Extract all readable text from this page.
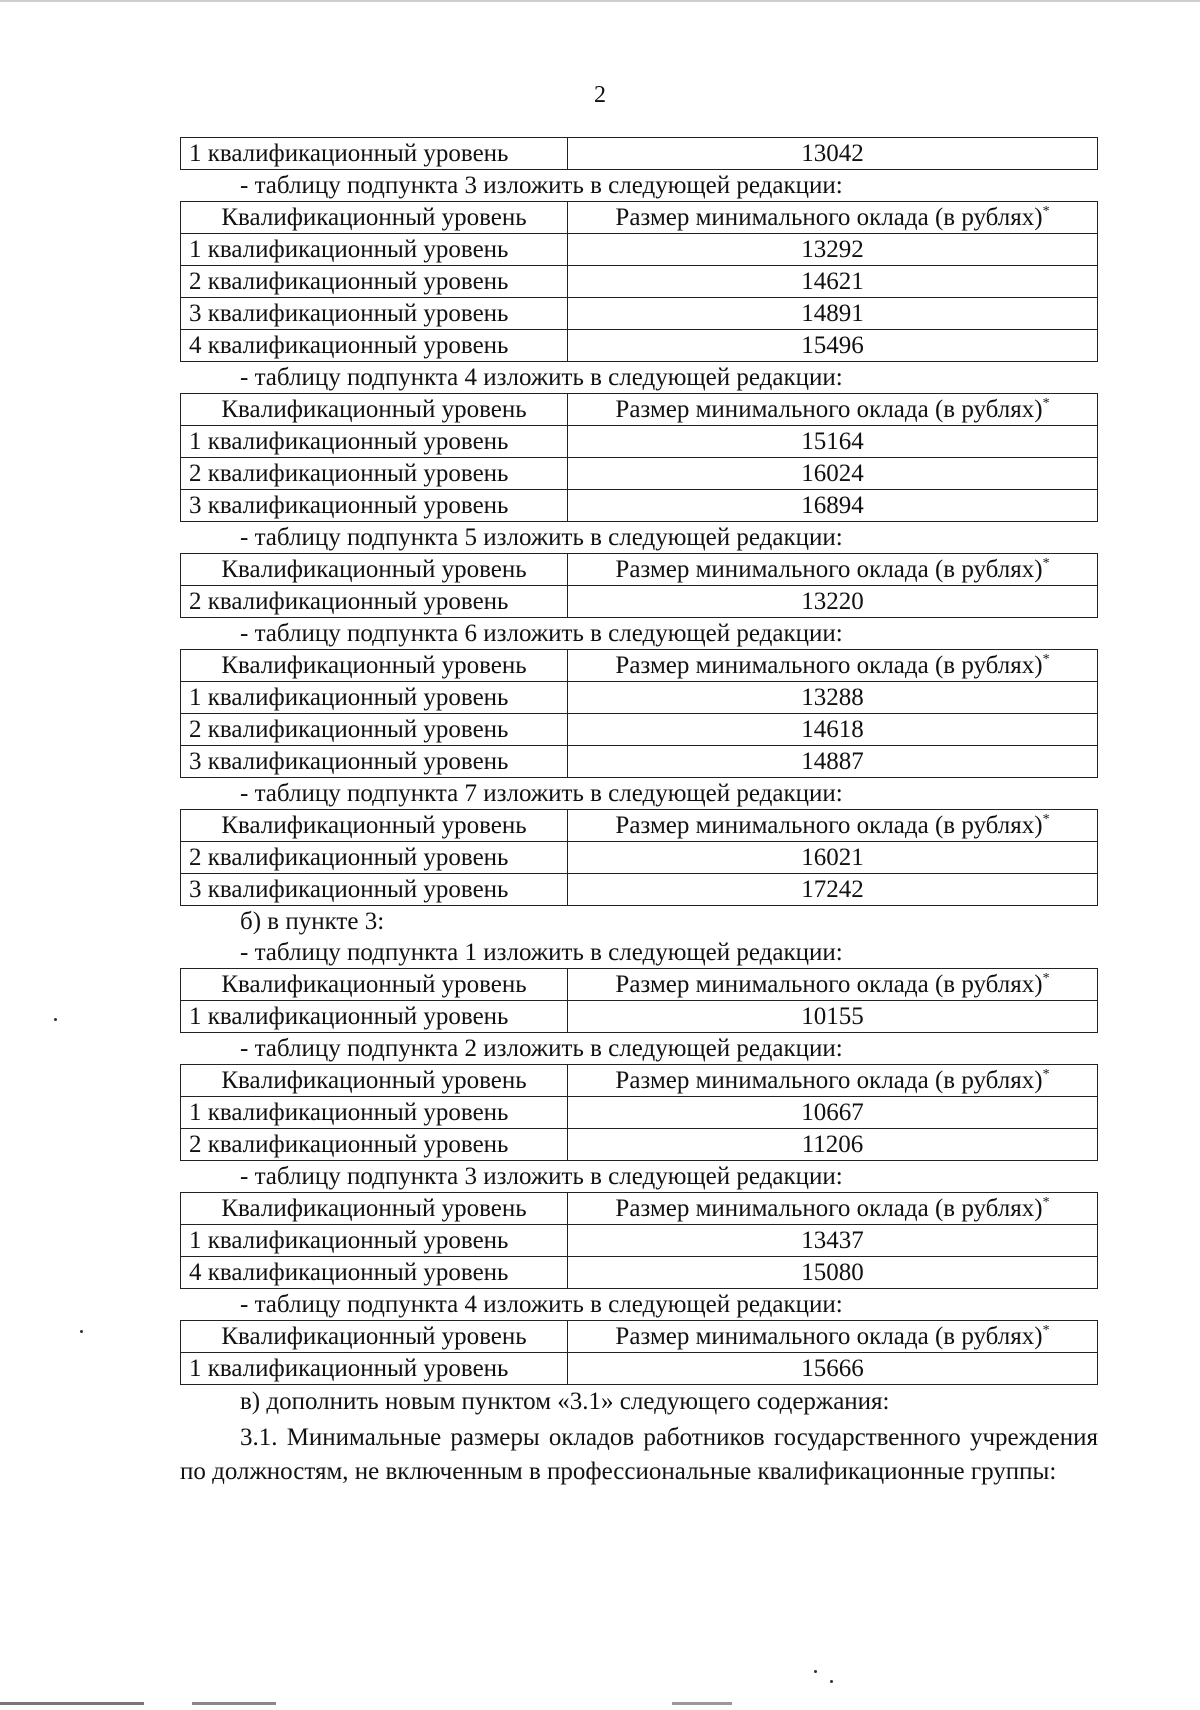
2
1 квалификационный уровень	13042
- таблицу подпункта 3 изложить в следующей редакции:
Квалификационный уровень	Размер минимального оклада (в рублях)*
1 квалификационный уровень	13292
2 квалификационный уровень	14621
3 квалификационный уровень	14891
4 квалификационный уровень	15496
- таблицу подпункта 4 изложить в следующей редакции:
Квалификационный уровень	Размер минимального оклада (в рублях)*
1 квалификационный уровень	15164
2 квалификационный уровень	16024
3 квалификационный уровень	16894
- таблицу подпункта 5 изложить в следующей редакции:
Квалификационный уровень	Размер минимального оклада (в рублях)*
2 квалификационный уровень	13220
- таблицу подпункта 6 изложить в следующей редакции:
Квалификационный уровень	Размер минимального оклада (в рублях)*
1 квалификационный уровень	13288
2 квалификационный уровень	14618
3 квалификационный уровень	14887
- таблицу подпункта 7 изложить в следующей редакции:
Квалификационный уровень	Размер минимального оклада (в рублях)*
2 квалификационный уровень	16021
3 квалификационный уровень	17242
б) в пункте 3:
- таблицу подпункта 1 изложить в следующей редакции:
Квалификационный уровень	Размер минимального оклада (в рублях)*
1 квалификационный уровень	10155
- таблицу подпункта 2 изложить в следующей редакции:
Квалификационный уровень	Размер минимального оклада (в рублях)*
1 квалификационный уровень	10667
2 квалификационный уровень	11206
- таблицу подпункта 3 изложить в следующей редакции:
Квалификационный уровень	Размер минимального оклада (в рублях)*
1 квалификационный уровень	13437
4 квалификационный уровень	15080
- таблицу подпункта 4 изложить в следующей редакции:
Квалификационный уровень	Размер минимального оклада (в рублях)*
1 квалификационный уровень	15666
в) дополнить новым пунктом «3.1» следующего содержания:
3.1. Минимальные размеры окладов работников государственного учреждения по должностям, не включенным в профессиональные квалификационные группы:
